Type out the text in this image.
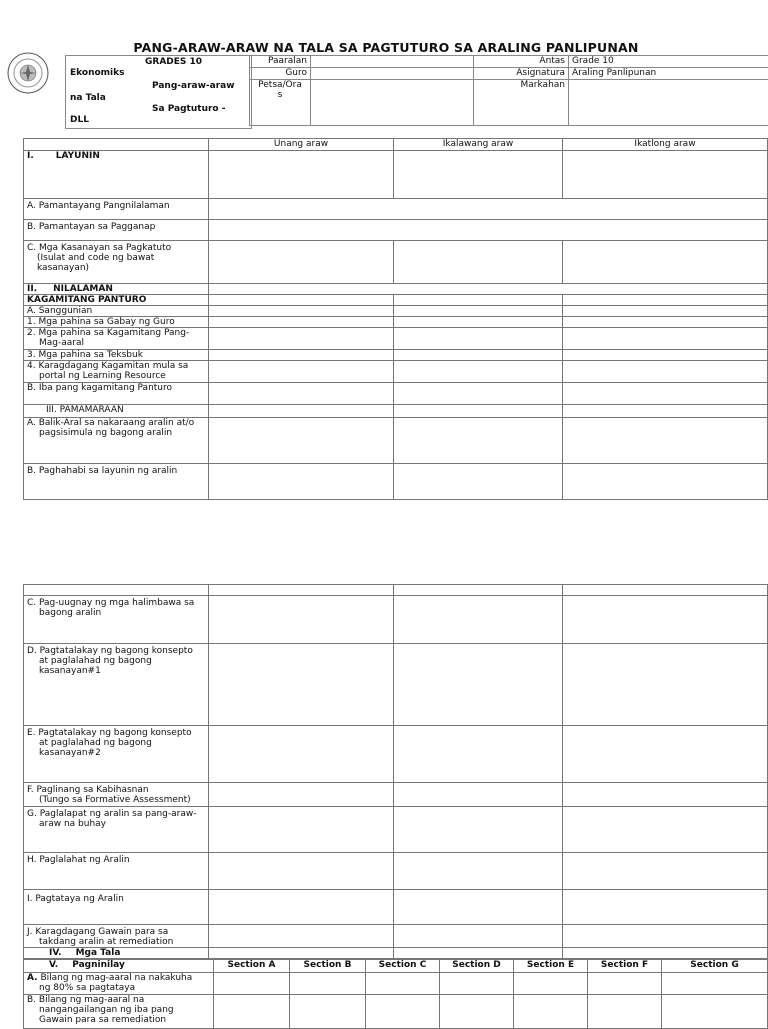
PANG-ARAW-ARAW NA TALA SA PAGTUTURO SA ARALING PANLIPUNAN
Ekonomiks
GRADES 10
Pang-araw-araw
na Tala
Sa Pagtuturo -
DLL
Paaralan		Antas	Grade 10
Guro		Asignatura	Araling Panlipunan
Petsa/Ora
s		Markahan	
	Unang araw	Ikalawang araw	Ikatlong araw
I. LAYUNIN			
A. Pamantayang Pangnilalaman			
B. Pamantayan sa Pagganap			
C. Mga Kasanayan sa Pagkatuto
(Isulat and code ng bawat
kasanayan)			
II. NILALAMAN			
KAGAMITANG PANTURO			
A. Sanggunian			
1. Mga pahina sa Gabay ng Guro			
2. Mga pahina sa Kagamitang Pang-
Mag-aaral			
3. Mga pahina sa Teksbuk			
4. Karagdagang Kagamitan mula sa
portal ng Learning Resource			
B. Iba pang kagamitang Panturo			
III. PAMAMARAAN			
A. Balik-Aral sa nakaraang aralin at/o
pagsisimula ng bagong aralin			
B. Paghahabi sa layunin ng aralin			

C. Pag-uugnay ng mga halimbawa sa
bagong aralin			
D. Pagtatalakay ng bagong konsepto
at paglalahad ng bagong
kasanayan#1			
E. Pagtatalakay ng bagong konsepto
at paglalahad ng bagong
kasanayan#2			
F. Paglinang sa Kabihasnan
(Tungo sa Formative Assessment)			
G. Paglalapat ng aralin sa pang-araw-
araw na buhay			
H. Paglalahat ng Aralin			
I. Pagtataya ng Aralin			
J. Karagdagang Gawain para sa
takdang aralin at remediation			
IV. Mga Tala			
V. Pagninilay	Section A	Section B	Section C	Section D	Section E	Section F	Section G
A. Bilang ng mag-aaral na nakakuha
ng 80% sa pagtataya							
B. Bilang ng mag-aaral na
nangangailangan ng iba pang
Gawain para sa remediation							
